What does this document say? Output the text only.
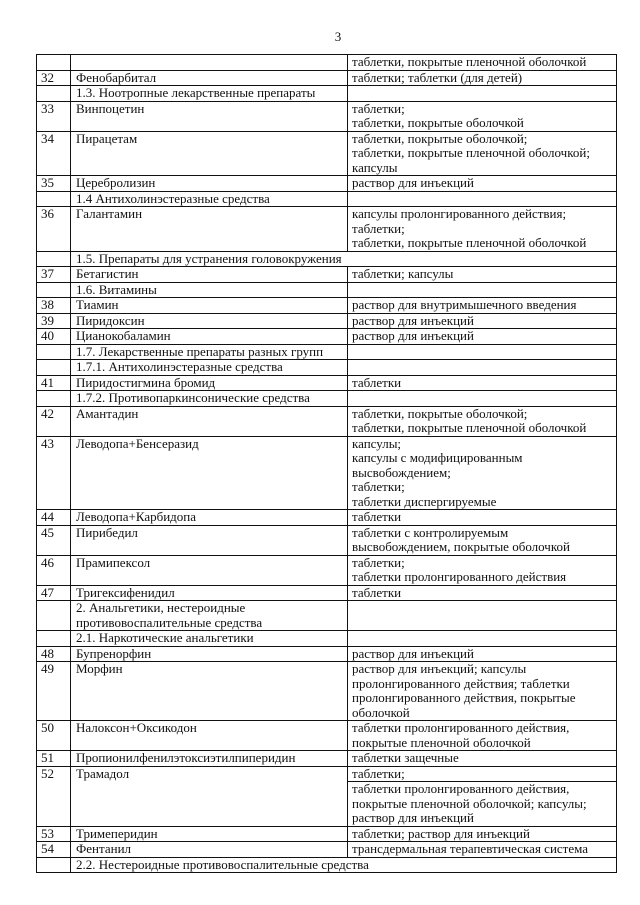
3

		таблетки, покрытые пленочной оболочкой

32	Фенобарбитал	таблетки; таблетки (для детей)

	1.3. Ноотропные лекарственные препараты	

33	Винпоцетин	таблетки;
таблетки, покрытые оболочкой

34	Пирацетам	таблетки, покрытые оболочкой;
таблетки, покрытые пленочной оболочкой;
капсулы

35	Церебролизин	раствор для инъекций

	1.4 Антихолинэстеразные средства	

36	Галантамин	капсулы пролонгированного действия;
таблетки;
таблетки, покрытые пленочной оболочкой

	1.5. Препараты для устранения головокружения	

37	Бетагистин	таблетки; капсулы

	1.6. Витамины	

38	Тиамин	раствор для внутримышечного введения

39	Пиридоксин	раствор для инъекций

40	Цианокобаламин	раствор для инъекций

	1.7. Лекарственные препараты разных групп	

	1.7.1. Антихолинэстеразные средства	

41	Пиридостигмина бромид	таблетки

	1.7.2. Противопаркинсонические средства	

42	Амантадин	таблетки, покрытые оболочкой;
таблетки, покрытые пленочной оболочкой

43	Леводопа+Бенсеразид	капсулы;
капсулы с модифицированным
высвобождением;
таблетки;
таблетки диспергируемые

44	Леводопа+Карбидопа	таблетки

45	Пирибедил	таблетки с контролируемым
высвобождением, покрытые оболочкой

46	Прамипексол	таблетки;
таблетки пролонгированного действия

47	Тригексифенидил	таблетки

	2. Анальгетики, нестероидные
противовоспалительные средства	

	2.1. Наркотические анальгетики	

48	Бупренорфин	раствор для инъекций

49	Морфин	раствор для инъекций; капсулы
пролонгированного действия; таблетки
пролонгированного действия, покрытые
оболочкой

50	Налоксон+Оксикодон	таблетки пролонгированного действия,
покрытые пленочной оболочкой

51	Пропионилфенилэтоксиэтилпиперидин	таблетки защечные

52	Трамадол	таблетки;

		таблетки пролонгированного действия,
покрытые пленочной оболочкой; капсулы;
раствор для инъекций

53	Тримеперидин	таблетки; раствор для инъекций

54	Фентанил	трансдермальная терапевтическая система

	2.2. Нестероидные противовоспалительные средства	
